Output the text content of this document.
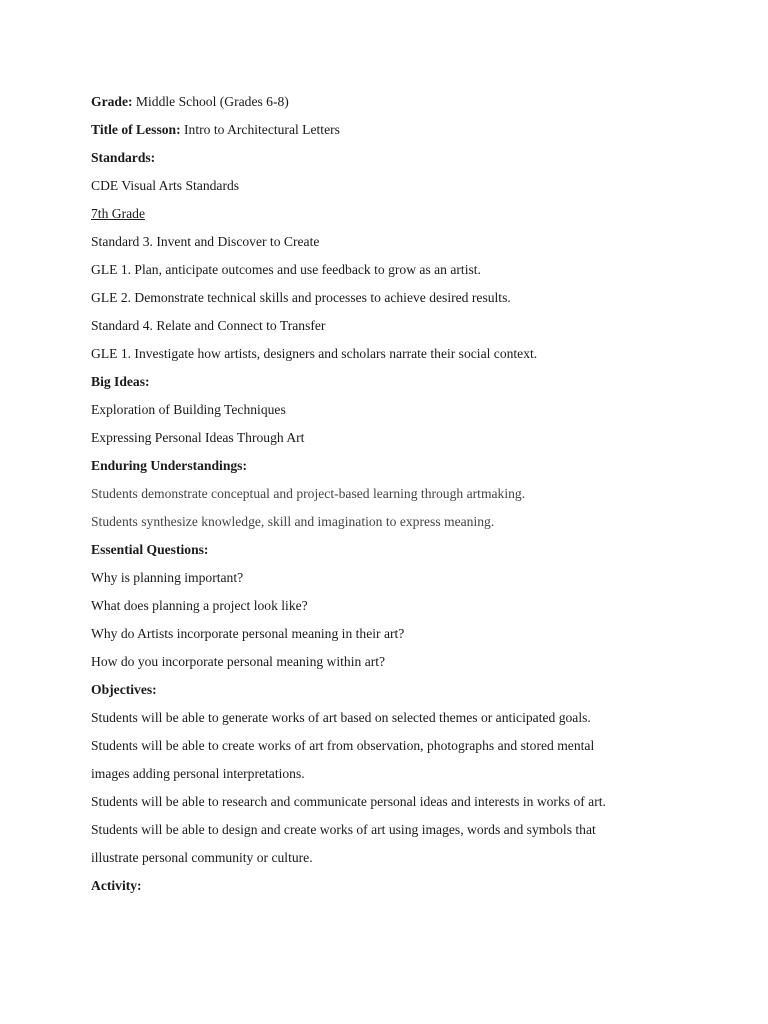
Grade: Middle School (Grades 6-8)
Title of Lesson: Intro to Architectural Letters
Standards:
CDE Visual Arts Standards
7th Grade
Standard 3. Invent and Discover to Create
GLE 1. Plan, anticipate outcomes and use feedback to grow as an artist.
GLE 2. Demonstrate technical skills and processes to achieve desired results.
Standard 4. Relate and Connect to Transfer
GLE 1. Investigate how artists, designers and scholars narrate their social context.
Big Ideas:
Exploration of Building Techniques
Expressing Personal Ideas Through Art
Enduring Understandings:
Students demonstrate conceptual and project-based learning through artmaking.
Students synthesize knowledge, skill and imagination to express meaning.
Essential Questions:
Why is planning important?
What does planning a project look like?
Why do Artists incorporate personal meaning in their art?
How do you incorporate personal meaning within art?
Objectives:
Students will be able to generate works of art based on selected themes or anticipated goals.
Students will be able to create works of art from observation, photographs and stored mental
images adding personal interpretations.
Students will be able to research and communicate personal ideas and interests in works of art.
Students will be able to design and create works of art using images, words and symbols that
illustrate personal community or culture.
Activity:
